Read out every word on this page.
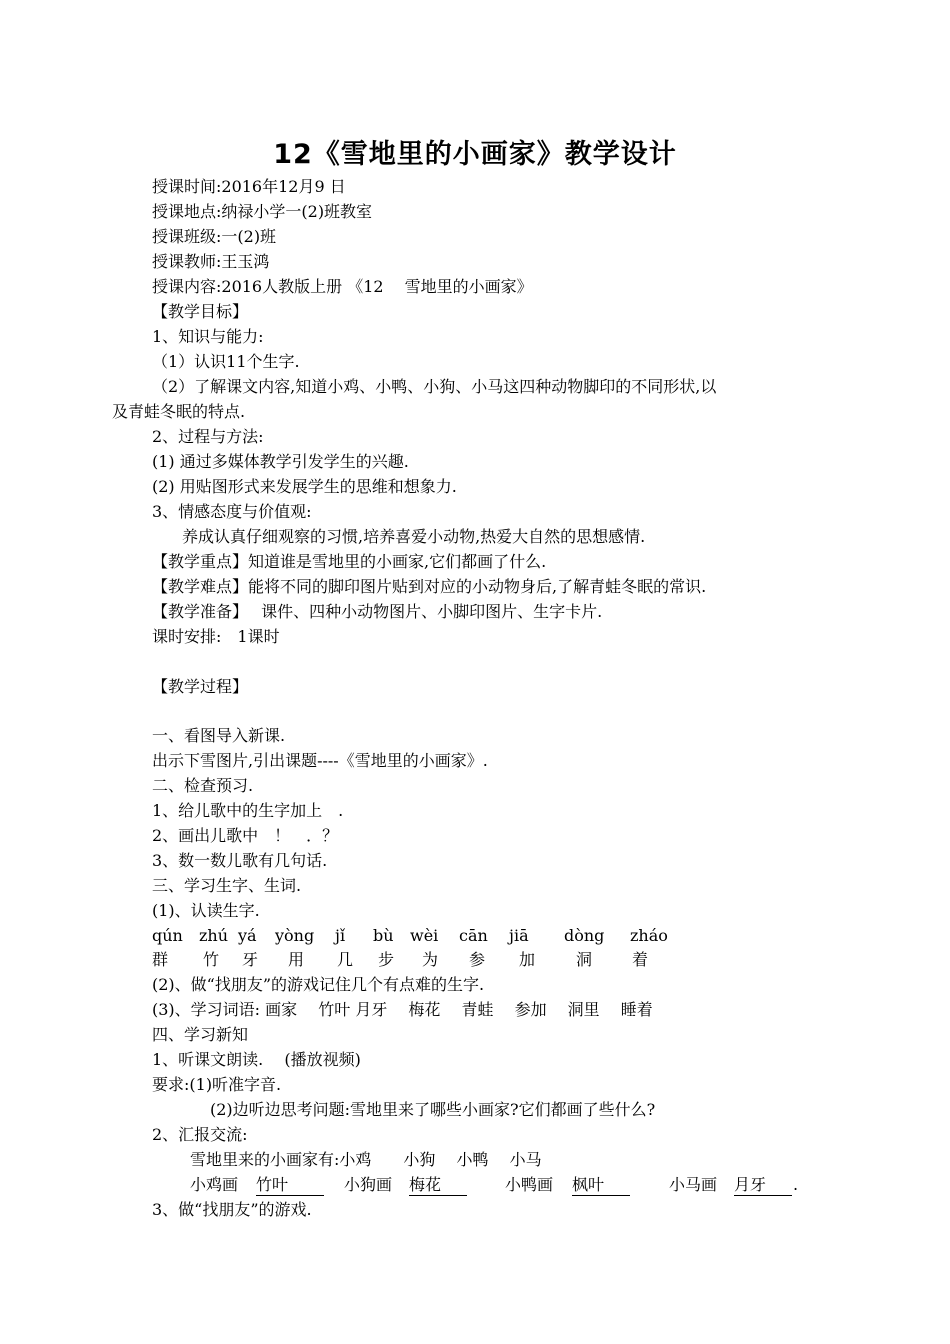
12《雪地里的小画家》教学设计
授课时间:2016年12月9 日
授课地点:纳禄小学一(2)班教室
授课班级:一(2)班
授课教师:王玉鸿
授课内容:2016人教版上册 《12　 雪地里的小画家》
【教学目标】
1、知识与能力:
（1）认识11个生字.
（2）了解课文内容,知道小鸡、小鸭、小狗、小马这四种动物脚印的不同形状,以
及青蛙冬眠的特点.
2、过程与方法:
(1) 通过多媒体教学引发学生的兴趣.
(2) 用贴图形式来发展学生的思维和想象力.
3、情感态度与价值观:
养成认真仔细观察的习惯,培养喜爱小动物,热爱大自然的思想感情.
【教学重点】知道谁是雪地里的小画家,它们都画了什么.
【教学难点】能将不同的脚印图片贴到对应的小动物身后,了解青蛙冬眠的常识.
【教学准备】　 课件、四种小动物图片、小脚印图片、生字卡片.
课时安排:　1课时
【教学过程】
一、看图导入新课.
出示下雪图片,引出课题----《雪地里的小画家》.
二、检查预习.
1、给儿歌中的生字加上　.
2、画出儿歌中　！　．？
3、数一数儿歌有几句话.
三、学习生字、生词.
(1)、认读生字.
qún zhú yá yòng jǐ bù wèi cān jiā dòng zháo
群 竹 牙 用 几 步 为 参 加	洞 着
(2)、做“找朋友”的游戏记住几个有点难的生字.
(3)、学习词语: 画家　 竹叶 月牙 　梅花 　青蛙 　参加 　洞里 　睡着
四、学习新知
1、听课文朗读.　 (播放视频)
要求:(1)听准字音.
(2)边听边思考问题:雪地里来了哪些小画家?它们都画了些什么?
2、汇报交流:
雪地里来的小画家有:小鸡　　小狗　 小鸭　 小马
小鸡画 竹叶	小狗画 梅花	小鸭画 枫叶	小马画 月牙	.
3、做“找朋友”的游戏.
